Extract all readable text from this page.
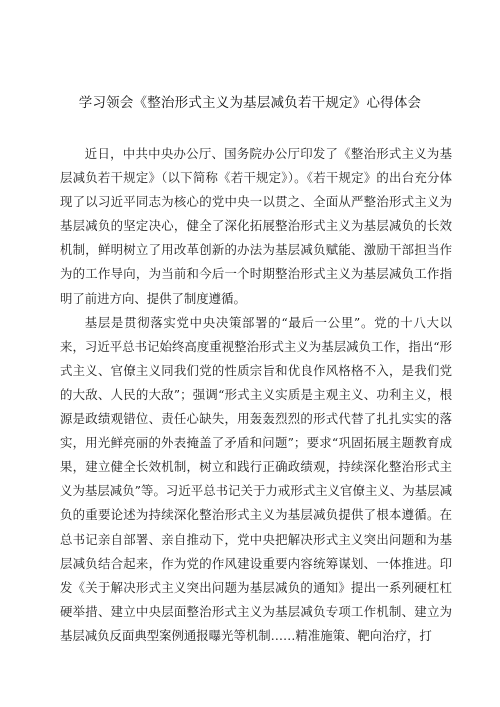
学习领会《整治形式主义为基层减负若干规定》心得体会

近日，中共中央办公厅、国务院办公厅印发了《整治形式主义为基层减负若干规定》（以下简称《若干规定》）。《若干规定》的出台充分体现了以习近平同志为核心的党中央一以贯之、全面从严整治形式主义为基层减负的坚定决心，健全了深化拓展整治形式主义为基层减负的长效机制，鲜明树立了用改革创新的办法为基层减负赋能、激励干部担当作为的工作导向，为当前和今后一个时期整治形式主义为基层减负工作指明了前进方向、提供了制度遵循。

基层是贯彻落实党中央决策部署的“最后一公里”。党的十八大以来，习近平总书记始终高度重视整治形式主义为基层减负工作，指出“形式主义、官僚主义同我们党的性质宗旨和优良作风格格不入，是我们党的大敌、人民的大敌”；强调“形式主义实质是主观主义、功利主义，根源是政绩观错位、责任心缺失，用轰轰烈烈的形式代替了扎扎实实的落实，用光鲜亮丽的外表掩盖了矛盾和问题”；要求“巩固拓展主题教育成果，建立健全长效机制，树立和践行正确政绩观，持续深化整治形式主义为基层减负”等。习近平总书记关于力戒形式主义官僚主义、为基层减负的重要论述为持续深化整治形式主义为基层减负提供了根本遵循。在总书记亲自部署、亲自推动下，党中央把解决形式主义突出问题和为基层减负结合起来，作为党的作风建设重要内容统筹谋划、一体推进。印发《关于解决形式主义突出问题为基层减负的通知》提出一系列硬杠杠硬举措、建立中央层面整治形式主义为基层减负专项工作机制、建立为基层减负反面典型案例通报曝光等机制……精准施策、靶向治疗，打
